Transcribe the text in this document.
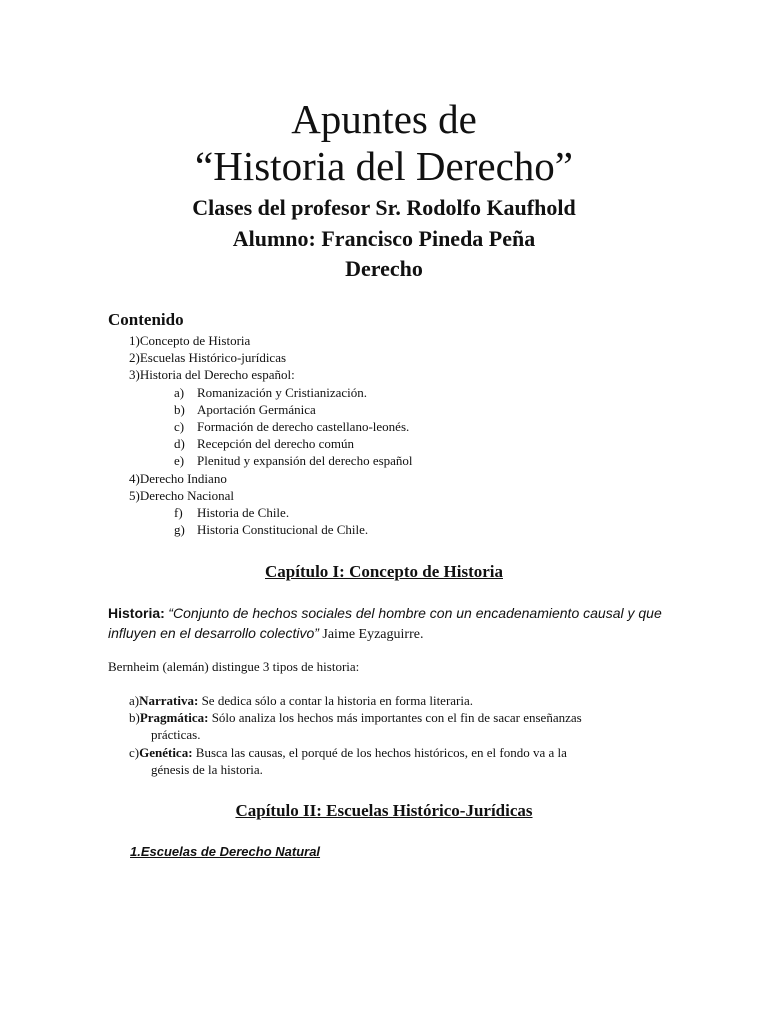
Apuntes de
“Historia del Derecho”
Clases del profesor Sr. Rodolfo Kaufhold
Alumno: Francisco Pineda Peña
Derecho
Contenido
1)Concepto de Historia
2)Escuelas Histórico-jurídicas
3)Historia del Derecho español:
a) Romanización y Cristianización.
b) Aportación Germánica
c) Formación de derecho castellano-leonés.
d) Recepción del derecho común
e) Plenitud y expansión del derecho español
4)Derecho Indiano
5)Derecho Nacional
f) Historia de Chile.
g) Historia Constitucional de Chile.
Capítulo I: Concepto de Historia
Historia: “Conjunto de hechos sociales del hombre con un encadenamiento causal y que influyen en el desarrollo colectivo” Jaime Eyzaguirre.
Bernheim (alemán) distingue 3 tipos de historia:
a)Narrativa: Se dedica sólo a contar la historia en forma literaria.
b)Pragmática: Sólo analiza los hechos más importantes con el fin de sacar enseñanzas
prácticas.
c)Genética: Busca las causas, el porqué de los hechos históricos, en el fondo va a la
génesis de la historia.
Capítulo II: Escuelas Histórico-Jurídicas
1.Escuelas de Derecho Natural
